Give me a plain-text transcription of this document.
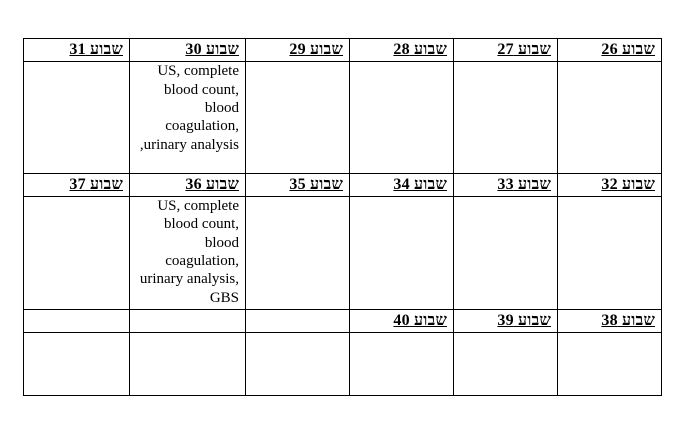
שבוע 26	שבוע 27	שבוע 28	שבוע 29	שבוע 30	שבוע 31
				US, complete blood count, blood coagulation, urinary analysis,	
שבוע 32	שבוע 33	שבוע 34	שבוע 35	שבוע 36	שבוע 37
				US, complete blood count, blood coagulation, urinary analysis, GBS	
שבוע 38	שבוע 39	שבוע 40			
